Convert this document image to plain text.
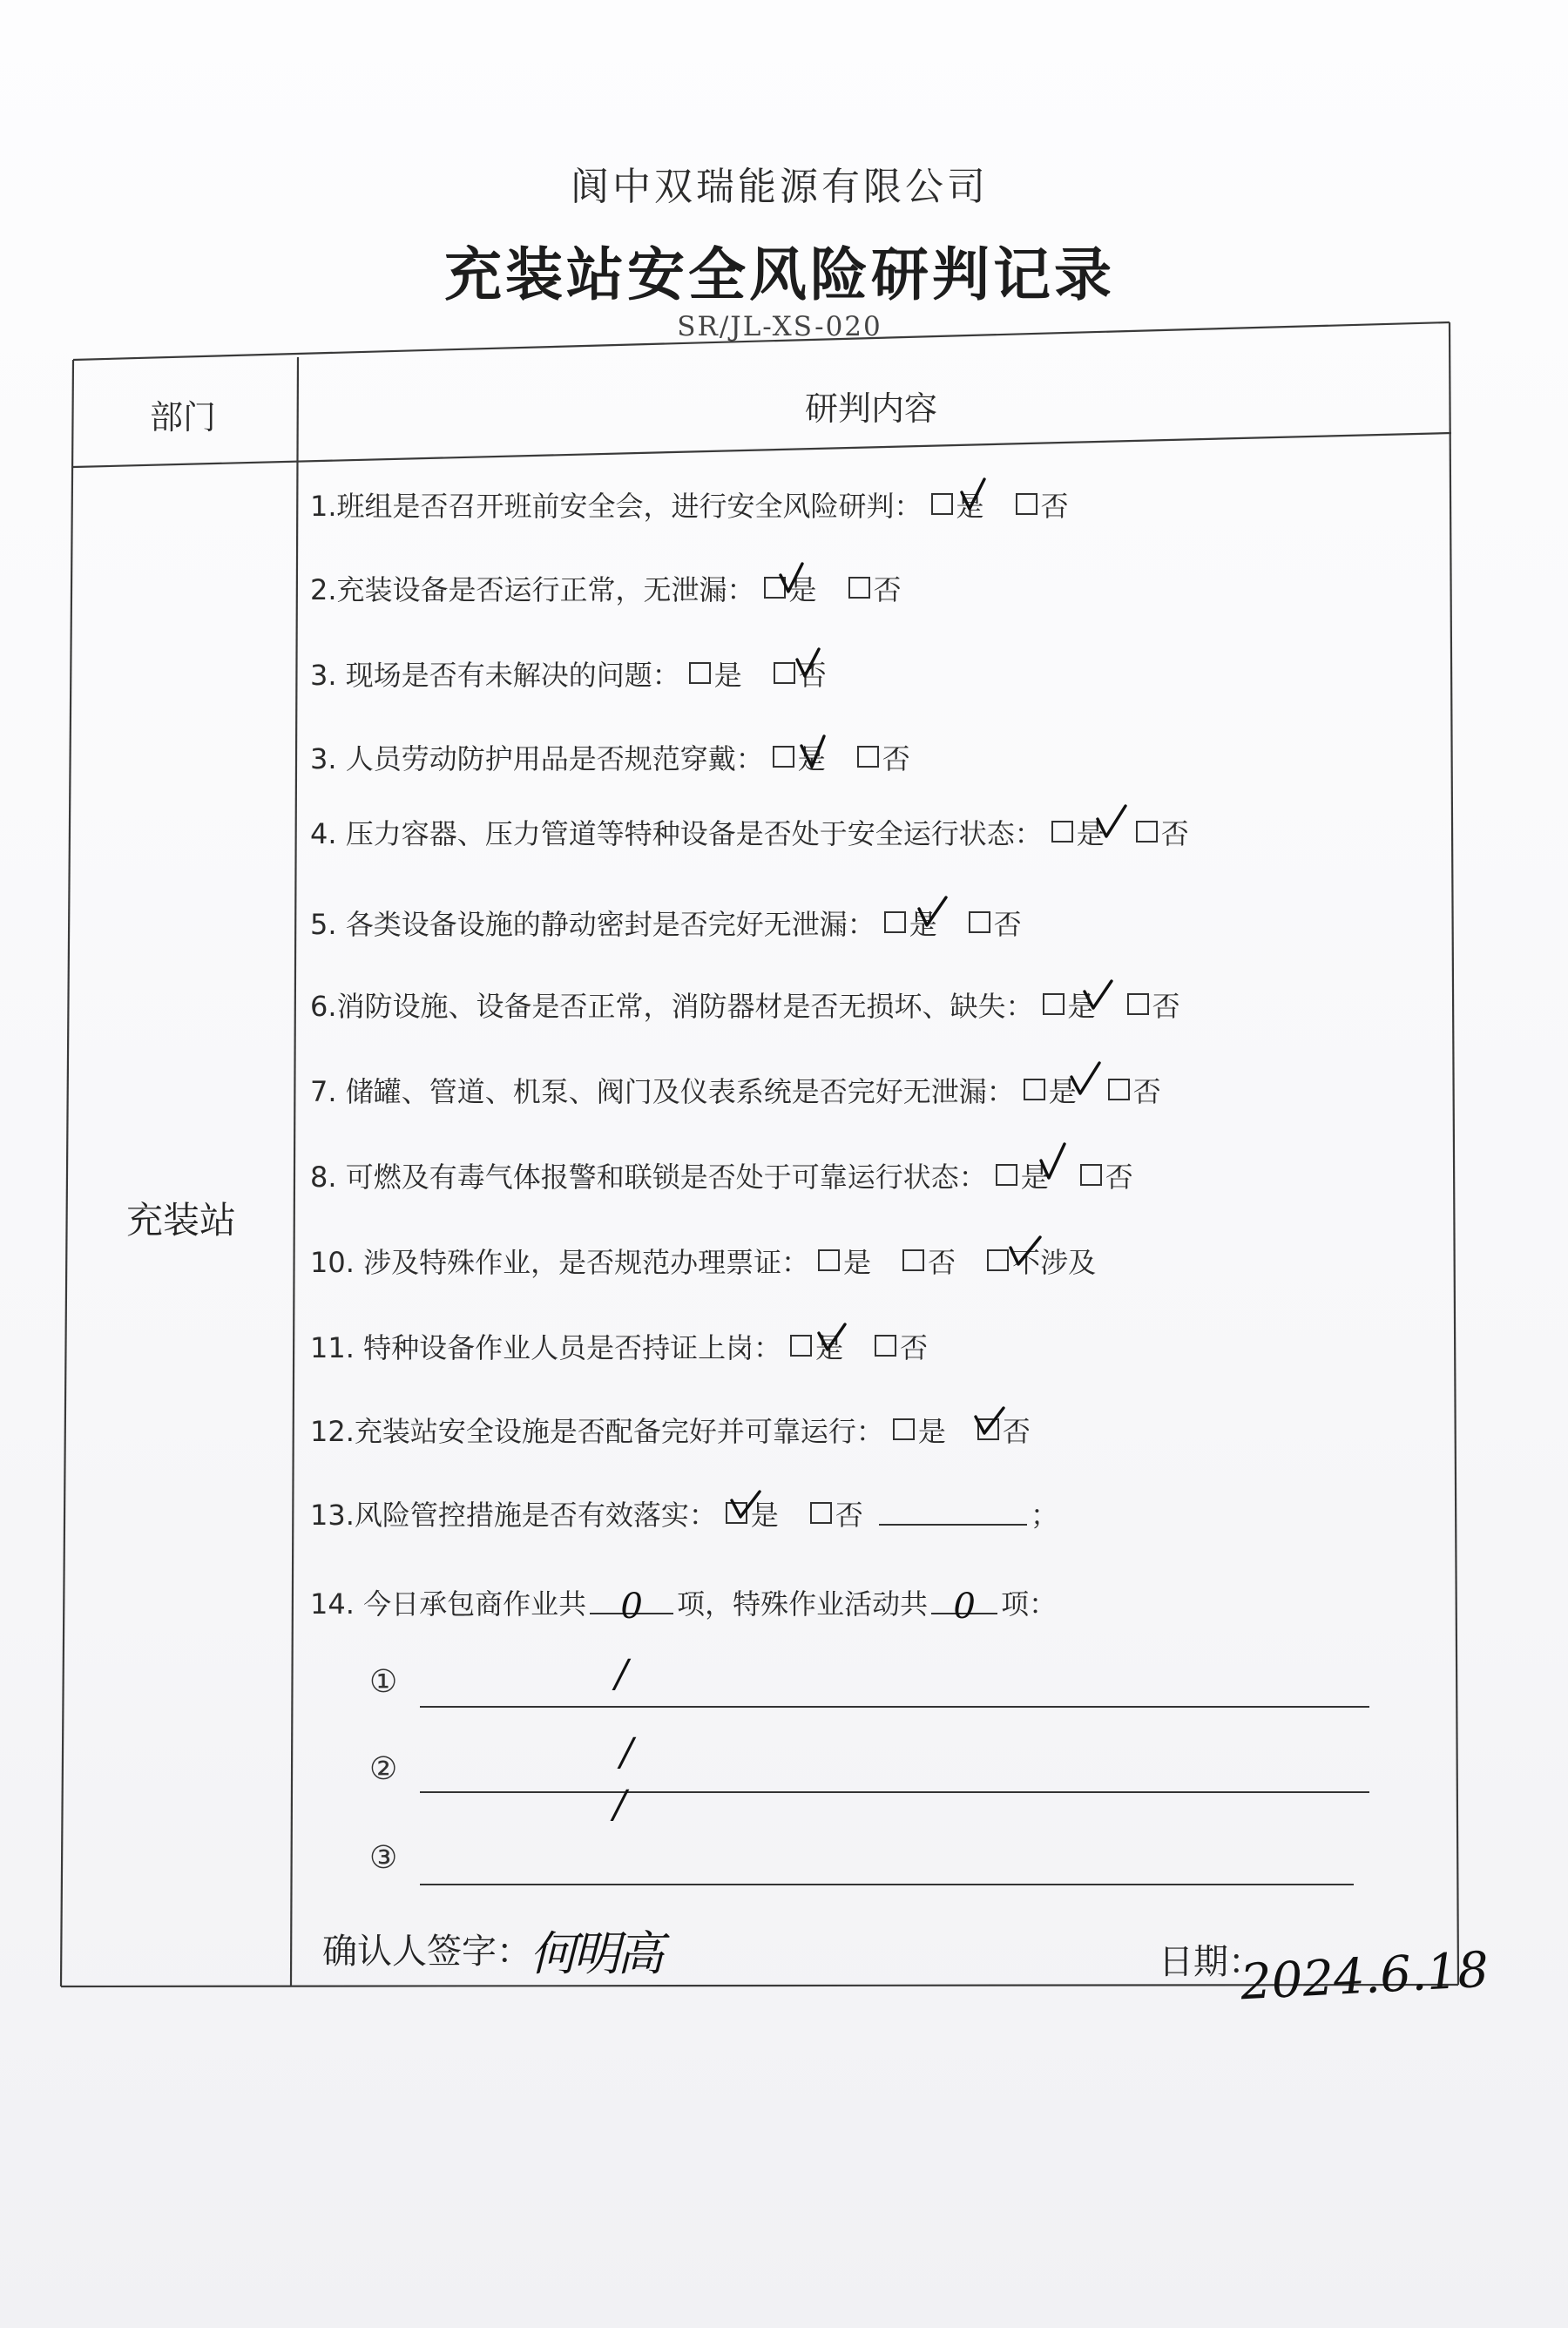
阆中双瑞能源有限公司
充装站安全风险研判记录
SR/JL-XS-020
部门	研判内容
充装站
1.班组是否召开班前安全会，进行安全风险研判： 是 否
2.充装设备是否运行正常，无泄漏： 是 否
3. 现场是否有未解决的问题： 是 否
3. 人员劳动防护用品是否规范穿戴： 是 否
4. 压力容器、压力管道等特种设备是否处于安全运行状态： 是 否
5. 各类设备设施的静动密封是否完好无泄漏： 是 否
6.消防设施、设备是否正常，消防器材是否无损坏、缺失： 是 否
7. 储罐、管道、机泵、阀门及仪表系统是否完好无泄漏： 是 否
8. 可燃及有毒气体报警和联锁是否处于可靠运行状态： 是 否
10. 涉及特殊作业，是否规范办理票证： 是 否 不涉及
11. 特种设备作业人员是否持证上岗： 是 否
12.充装站安全设施是否配备完好并可靠运行： 是 否
13.风险管控措施是否有效落实： 是 否	；
14. 今日承包商作业共 0	项，特殊作业活动共 0 项：
①	/
②	/
③
/
确认人签字：
何明高	日期：
2024.6.18
